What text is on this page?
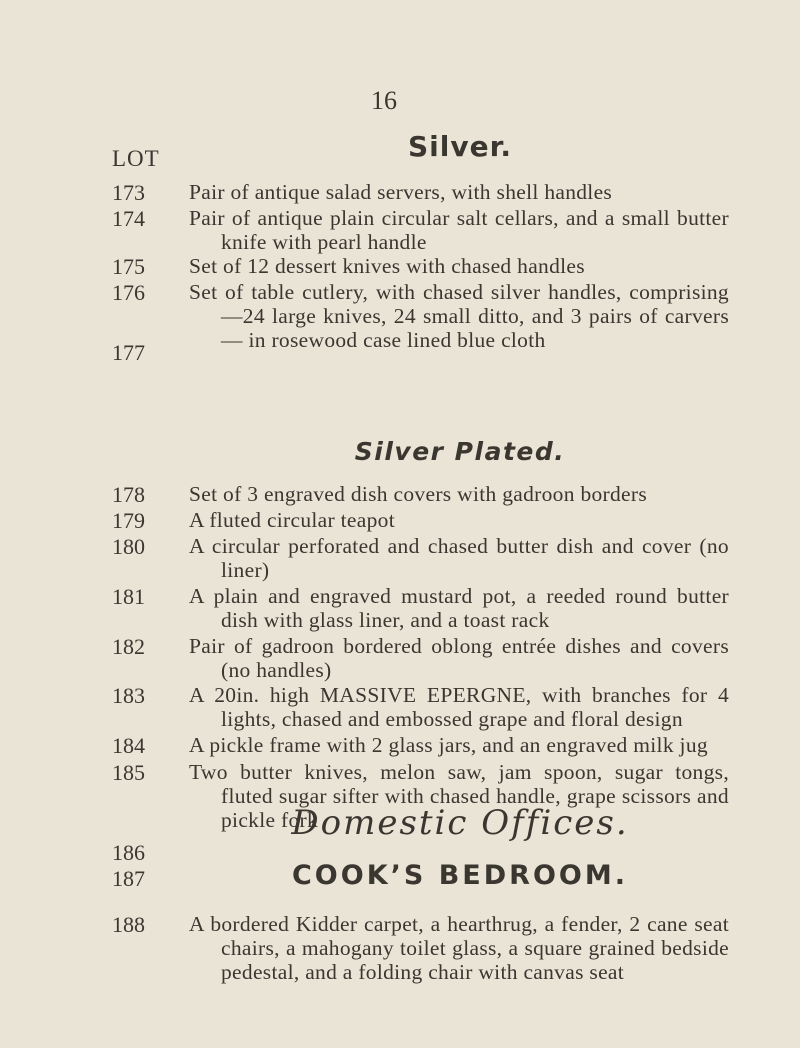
16
Silver.
LOT
173	Pair of antique salad servers, with shell handles
174	Pair of antique plain circular salt cellars, and a small butter knife with pearl handle
175	Set of 12 dessert knives with chased handles
176	Set of table cutlery, with chased silver handles, comprising —24 large knives, 24 small ditto, and 3 pairs of carvers— in rosewood case lined blue cloth
177
Silver Plated.
178	Set of 3 engraved dish covers with gadroon borders
179	A fluted circular teapot
180	A circular perforated and chased butter dish and cover (no liner)
181	A plain and engraved mustard pot, a reeded round butter dish with glass liner, and a toast rack
182	Pair of gadroon bordered oblong entrée dishes and covers (no handles)
183	A 20in. high MASSIVE EPERGNE, with branches for 4 lights, chased and embossed grape and floral design
184	A pickle frame with 2 glass jars, and an engraved milk jug
185	Two butter knives, melon saw, jam spoon, sugar tongs, fluted sugar sifter with chased handle, grape scissors and pickle fork
186
187
Domestic Offices.
COOK’S BEDROOM.
188	A bordered Kidder carpet, a hearthrug, a fender, 2 cane seat chairs, a mahogany toilet glass, a square grained bedside pedestal, and a folding chair with canvas seat
